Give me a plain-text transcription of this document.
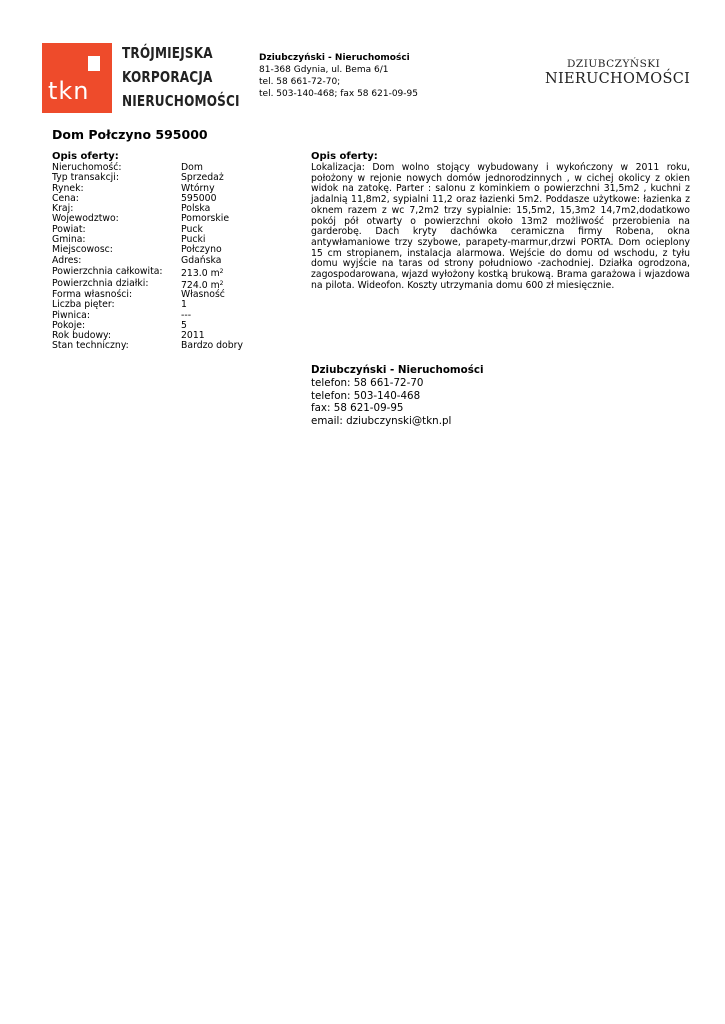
tkn
TRÓJMIEJSKA
KORPORACJA
NIERUCHOMOŚCI
Dziubczyński - Nieruchomości
81-368 Gdynia, ul. Bema 6/1
tel. 58 661-72-70;
tel. 503-140-468; fax 58 621-09-95
DZIUBCZYŃSKI
NIERUCHOMOŚCI
Dom Połczyno 595000
Opis oferty:
Nieruchomość:	Dom
Typ transakcji:	Sprzedaż
Rynek:	Wtórny
Cena:	595000
Kraj:	Polska
Wojewodztwo:	Pomorskie
Powiat:	Puck
Gmina:	Pucki
Miejscowosc:	Połczyno
Adres:	Gdańska
Powierzchnia całkowita:	213.0 $m^2$
Powierzchnia działki:	724.0 $m^2$
Forma własności:	Własność
Liczba pięter:	1
Piwnica:	---
Pokoje:	5
Rok budowy:	2011
Stan techniczny:	Bardzo dobry
Opis oferty:
Lokalizacja: Dom wolno stojący wybudowany i wykończony w 2011 roku, położony w rejonie nowych domów jednorodzinnych , w cichej okolicy z okien widok na zatokę. Parter : salonu z kominkiem o powierzchni 31,5m2 , kuchni z jadalnią 11,8m2, sypialni 11,2 oraz łazienki 5m2. Poddasze użytkowe: łazienka z oknem razem z wc 7,2m2 trzy sypialnie: 15,5m2, 15,3m2 14,7m2,dodatkowo pokój pół otwarty o powierzchni około 13m2 możliwość przerobienia na garderobę. Dach kryty dachówka ceramiczna firmy Robena, okna antywłamaniowe trzy szybowe, parapety-marmur,drzwi PORTA. Dom ocieplony 15 cm stropianem, instalacja alarmowa. Wejście do domu od wschodu, z tyłu domu wyjście na taras od strony południowo -zachodniej. Działka ogrodzona, zagospodarowana, wjazd wyłożony kostką brukową. Brama garażowa i wjazdowa na pilota. Wideofon. Koszty utrzymania domu 600 zł miesięcznie.
Dziubczyński - Nieruchomości
telefon: 58 661-72-70
telefon: 503-140-468
fax: 58 621-09-95
email: dziubczynski@tkn.pl
